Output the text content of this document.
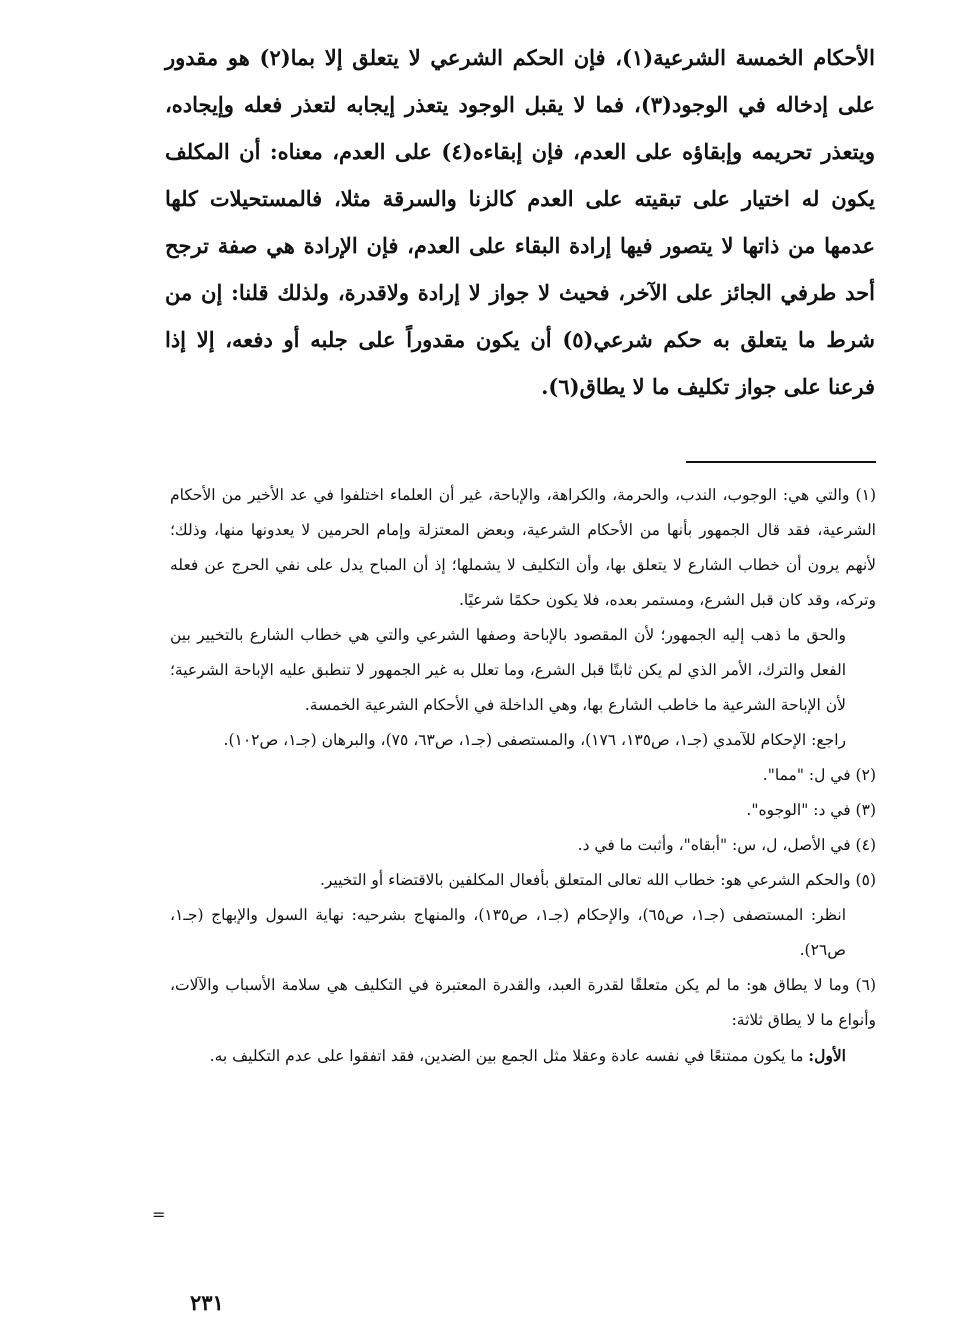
الأحكام الخمسة الشرعية(١)، فإن الحكم الشرعي لا يتعلق إلا بما(٢) هو مقدور على إدخاله في الوجود(٣)، فما لا يقبل الوجود يتعذر إيجابه لتعذر فعله وإيجاده، ويتعذر تحريمه وإبقاؤه على العدم، فإن إبقاءه(٤) على العدم، معناه: أن المكلف يكون له اختيار على تبقيته على العدم كالزنا والسرقة مثلا، فالمستحيلات كلها عدمها من ذاتها لا يتصور فيها إرادة البقاء على العدم، فإن الإرادة هي صفة ترجح أحد طرفي الجائز على الآخر، فحيث لا جواز لا إرادة ولاقدرة، ولذلك قلنا: إن من شرط ما يتعلق به حكم شرعي(٥) أن يكون مقدوراً على جلبه أو دفعه، إلا إذا فرعنا على جواز تكليف ما لا يطاق(٦).

(١) والتي هي: الوجوب، الندب، والحرمة، والكراهة، والإباحة، غير أن العلماء اختلفوا في عد الأخير من الأحكام الشرعية، فقد قال الجمهور بأنها من الأحكام الشرعية، وبعض المعتزلة وإمام الحرمين لا يعدونها منها، وذلك؛ لأنهم يرون أن خطاب الشارع لا يتعلق بها، وأن التكليف لا يشملها؛ إذ أن المباح يدل على نفي الحرج عن فعله وتركه، وقد كان قبل الشرع، ومستمر بعده، فلا يكون حكمًا شرعيًا.

والحق ما ذهب إليه الجمهور؛ لأن المقصود بالإباحة وصفها الشرعي والتي هي خطاب الشارع بالتخيير بين الفعل والترك، الأمر الذي لم يكن ثابتًا قبل الشرع، وما تعلل به غير الجمهور لا تنطبق عليه الإباحة الشرعية؛ لأن الإباحة الشرعية ما خاطب الشارع بها، وهي الداخلة في الأحكام الشرعية الخمسة.

راجع: الإحكام للآمدي (جـ١، ص١٣٥، ١٧٦)، والمستصفى (جـ١، ص٦٣، ٧٥)، والبرهان (جـ١، ص١٠٢).

(٢) في ل: "مما".

(٣) في د: "الوجوه".

(٤) في الأصل، ل، س: "أبقاه"، وأثبت ما في د.

(٥) والحكم الشرعي هو: خطاب الله تعالى المتعلق بأفعال المكلفين بالاقتضاء أو التخيير.

انظر: المستصفى (جـ١، ص٦٥)، والإحكام (جـ١، ص١٣٥)، والمنهاج بشرحيه: نهاية السول والإبهاج (جـ١، ص٢٦).

(٦) وما لا يطاق هو: ما لم يكن متعلقًا لقدرة العبد، والقدرة المعتبرة في التكليف هي سلامة الأسباب والآلات، وأنواع ما لا يطاق ثلاثة:

الأول: ما يكون ممتنعًا في نفسه عادة وعقلا مثل الجمع بين الضدين، فقد اتفقوا على عدم التكليف به.

=
٢٣١
